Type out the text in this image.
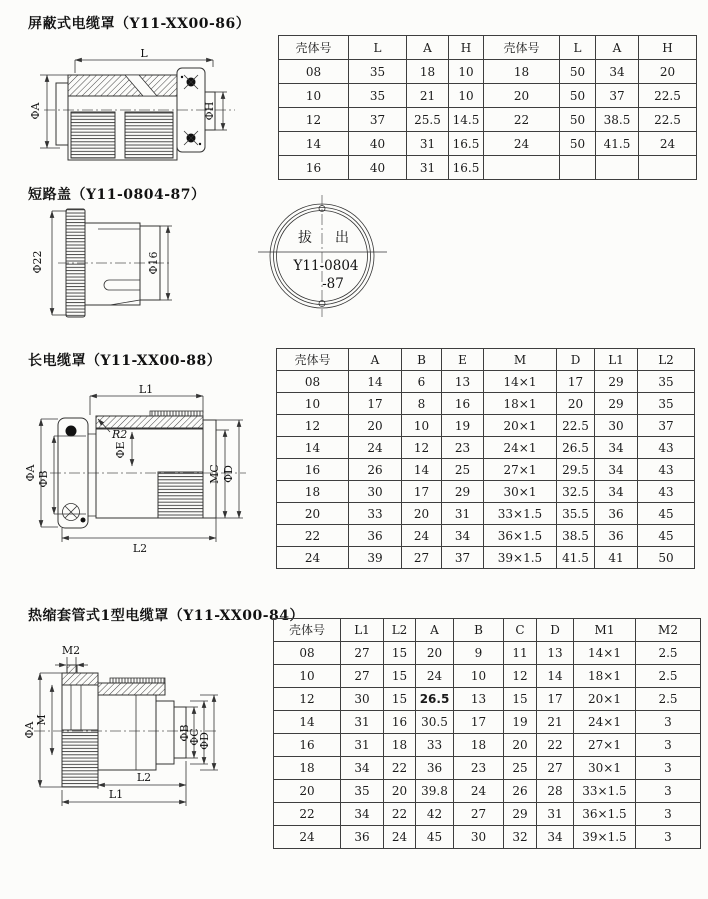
屏蔽式电缆罩（Y11-XX00-86）
L
ΦA	ΦH
壳体号	L	A	H	壳体号	L	A	H
08	35	18	10	18	50	34	20
10	35	21	10	20	50	37	22.5
12	37	25.5	14.5	22	50	38.5	22.5
14	40	31	16.5	24	50	41.5	24
16	40	31	16.5				
短路盖（Y11-0804-87）
Φ22	Φ16
拔 出
Y11-0804
-87
长电缆罩（Y11-XX00-88）
L1
R2
ΦE
MC ΦD
ΦA ΦB
L2
壳体号	A	B	E	M	D	L1	L2
08	14	6	13	14×1	17	29	35
10	17	8	16	18×1	20	29	35
12	20	10	19	20×1	22.5	30	37
14	24	12	23	24×1	26.5	34	43
16	26	14	25	27×1	29.5	34	43
18	30	17	29	30×1	32.5	34	43
20	33	20	31	33×1.5	35.5	36	45
22	36	24	34	36×1.5	38.5	36	45
24	39	27	37	39×1.5	41.5	41	50
热缩套管式1型电缆罩（Y11-XX00-84）
M2
ΦA
M
ΦB
ΦC
ΦD
L2
L1
壳体号	L1	L2	A	B	C	D	M1	M2
08	27	15	20	9	11	13	14×1	2.5
10	27	15	24	10	12	14	18×1	2.5
12	30	15	26.5	13	15	17	20×1	2.5
14	31	16	30.5	17	19	21	24×1	3
16	31	18	33	18	20	22	27×1	3
18	34	22	36	23	25	27	30×1	3
20	35	20	39.8	24	26	28	33×1.5	3
22	34	22	42	27	29	31	36×1.5	3
24	36	24	45	30	32	34	39×1.5	3
